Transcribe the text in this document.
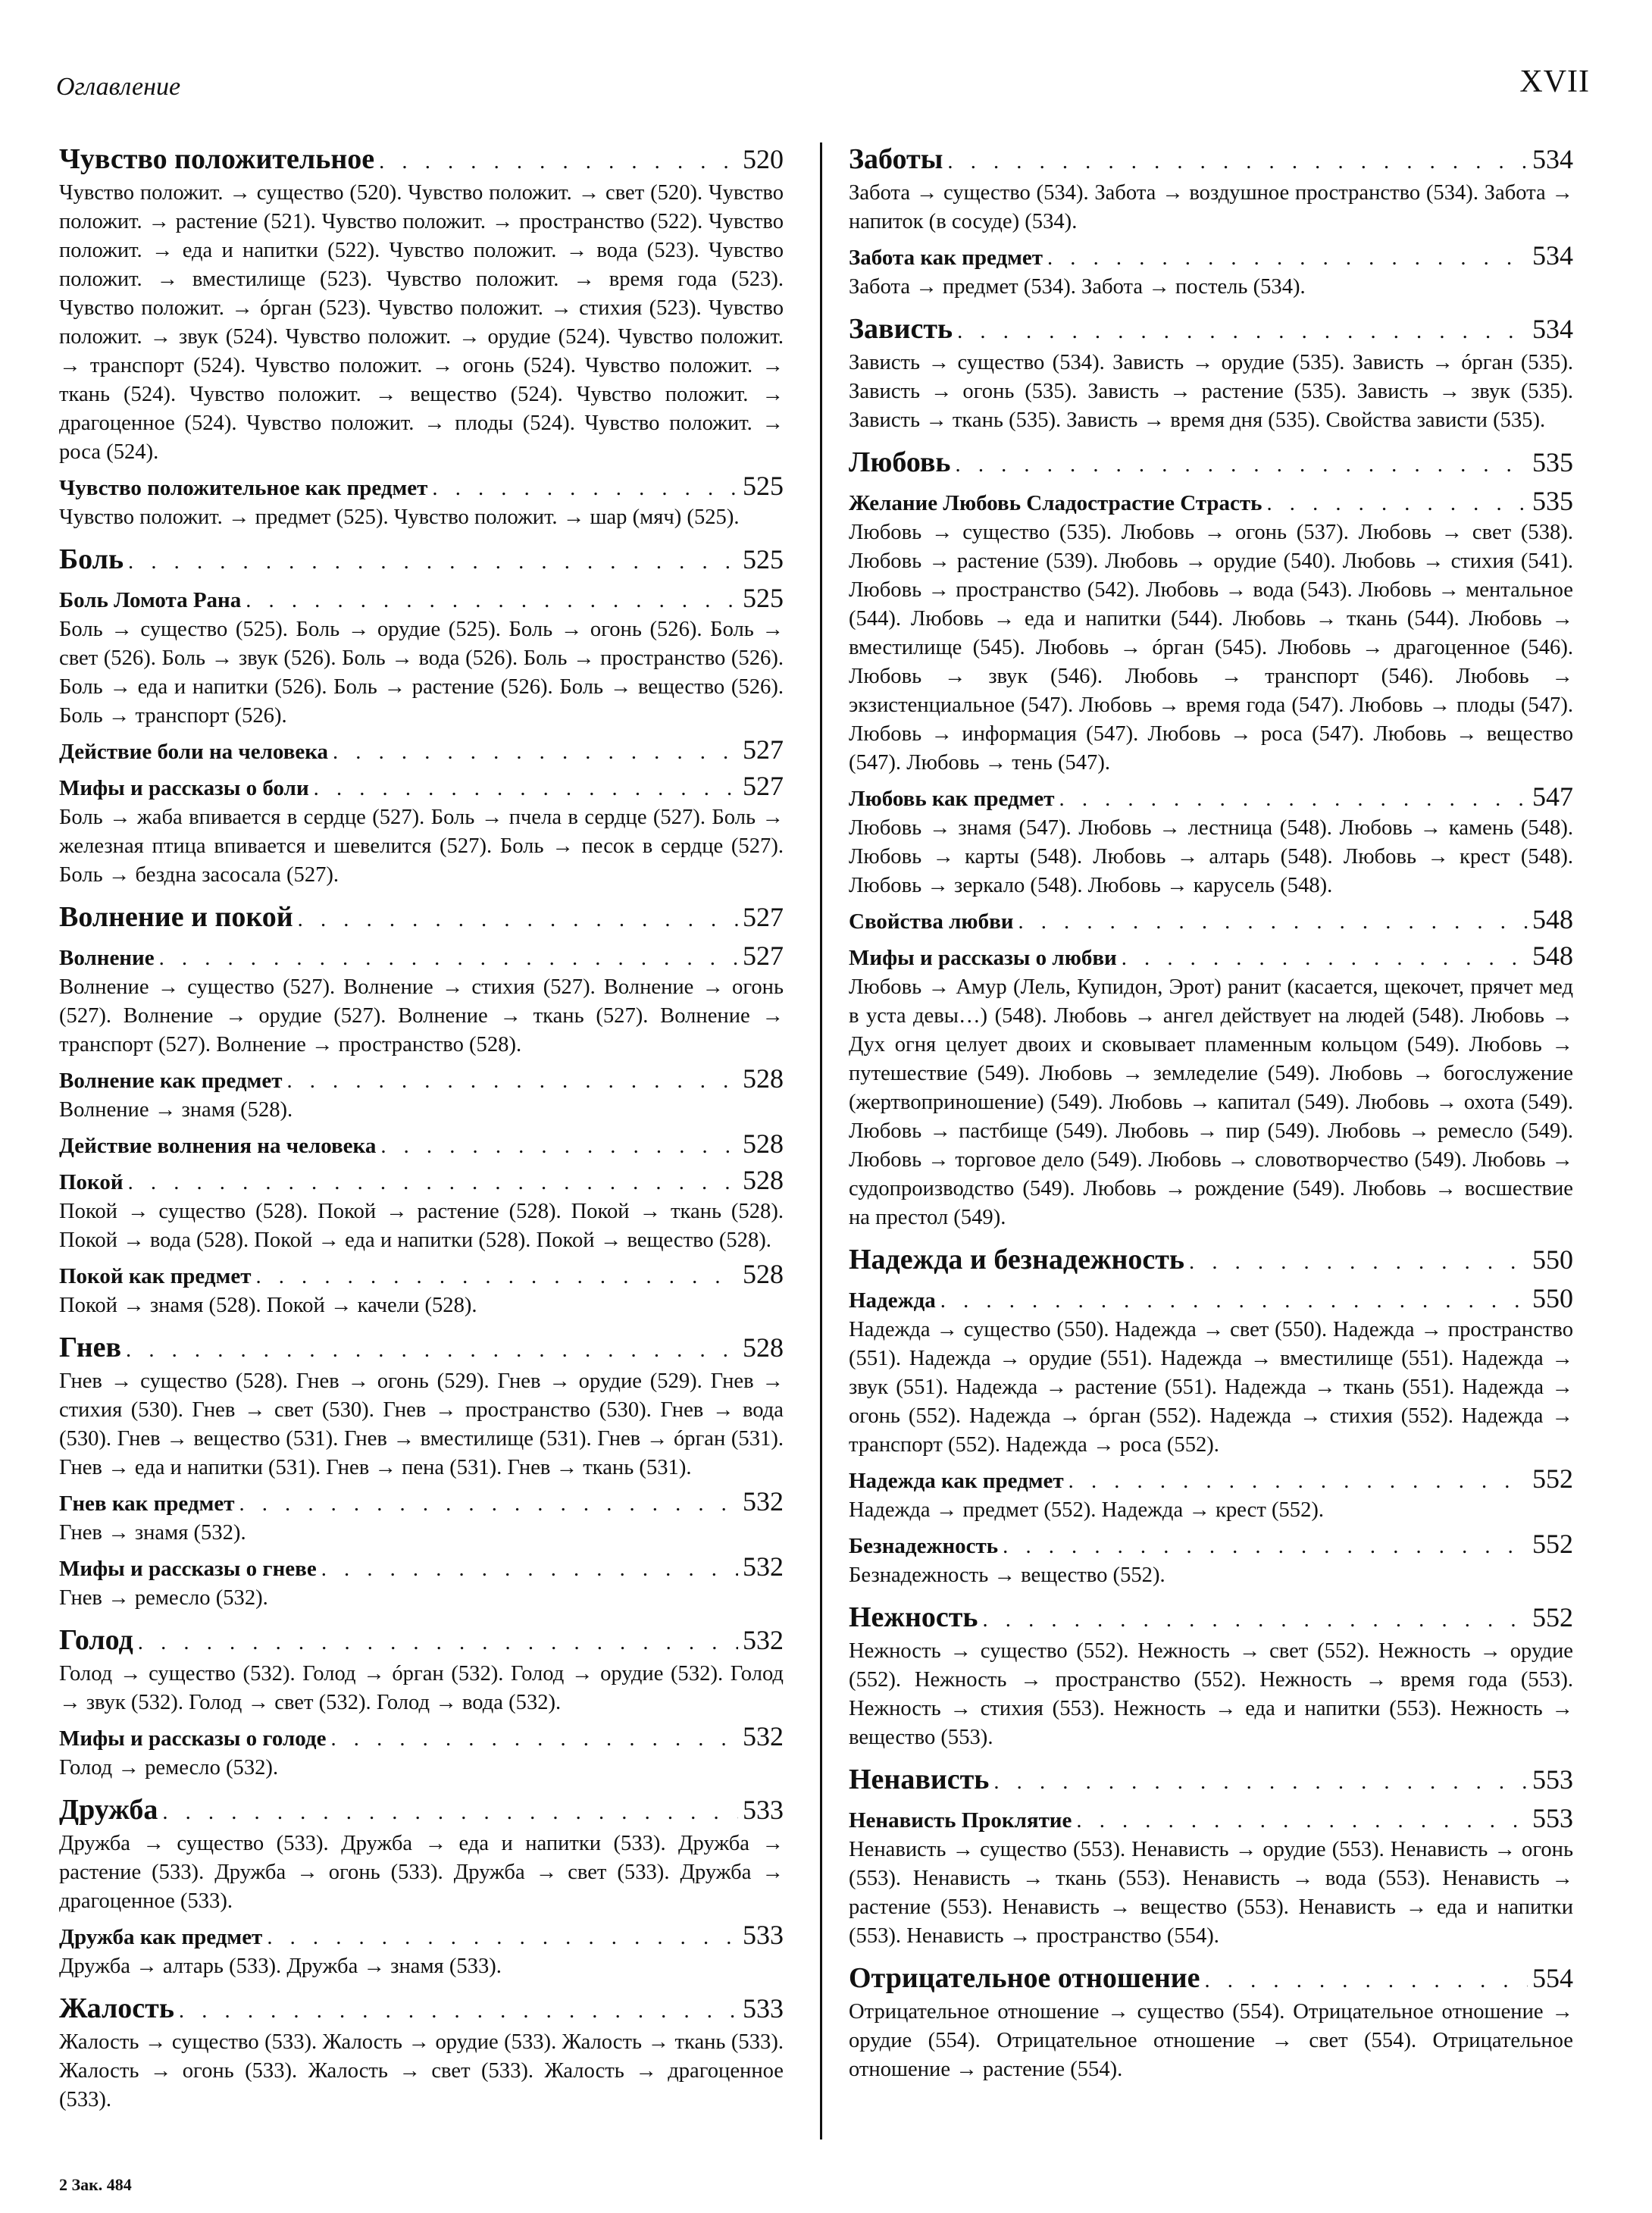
Оглавление	XVII
Чувство положительное . . .	520
Чувство положит. → существо (520). Чувство положит. → свет (520). Чувство положит. → растение (521). Чувство положит. → пространство (522). Чувство положит. → еда и напитки (522). Чувство положит. → вода (523). Чувство положит. → вместилище (523). Чувство положит. → время года (523). Чувство положит. → óрган (523). Чувство положит. → стихия (523). Чувство положит. → звук (524). Чувство положит. → орудие (524). Чувство положит. → транспорт (524). Чувство положит. → огонь (524). Чувство положит. → ткань (524). Чувство положит. → вещество (524). Чувство положит. → драгоценное (524). Чувство положит. → плоды (524). Чувство положит. → роса (524).
Чувство положительное как предмет . . .	525
Чувство положит. → предмет (525). Чувство положит. → шар (мяч) (525).
Боль . . .	525
Боль Ломота Рана . . .	525
Боль → существо (525). Боль → орудие (525). Боль → огонь (526). Боль → свет (526). Боль → звук (526). Боль → вода (526). Боль → пространство (526). Боль → еда и напитки (526). Боль → растение (526). Боль → вещество (526). Боль → транспорт (526).
Действие боли на человека . . .	527
Мифы и рассказы о боли . . .	527
Боль → жаба впивается в сердце (527). Боль → пчела в сердце (527). Боль → железная птица впивается и шевелится (527). Боль → песок в сердце (527). Боль → бездна засосала (527).
Волнение и покой . . .	527
Волнение . . .	527
Волнение → существо (527). Волнение → стихия (527). Волнение → огонь (527). Волнение → орудие (527). Волнение → ткань (527). Волнение → транспорт (527). Волнение → пространство (528).
Волнение как предмет . . .	528
Волнение → знамя (528).
Действие волнения на человека . . .	528
Покой . . .	528
Покой → существо (528). Покой → растение (528). Покой → ткань (528). Покой → вода (528). Покой → еда и напитки (528). Покой → вещество (528).
Покой как предмет . . .	528
Покой → знамя (528). Покой → качели (528).
Гнев . . .	528
Гнев → существо (528). Гнев → огонь (529). Гнев → орудие (529). Гнев → стихия (530). Гнев → свет (530). Гнев → пространство (530). Гнев → вода (530). Гнев → вещество (531). Гнев → вместилище (531). Гнев → óрган (531). Гнев → еда и напитки (531). Гнев → пена (531). Гнев → ткань (531).
Гнев как предмет . . .	532
Гнев → знамя (532).
Мифы и рассказы о гневе . . .	532
Гнев → ремесло (532).
Голод . . .	532
Голод → существо (532). Голод → óрган (532). Голод → орудие (532). Голод → звук (532). Голод → свет (532). Голод → вода (532).
Мифы и рассказы о голоде . . .	532
Голод → ремесло (532).
Дружба . . .	533
Дружба → существо (533). Дружба → еда и напитки (533). Дружба → растение (533). Дружба → огонь (533). Дружба → свет (533). Дружба → драгоценное (533).
Дружба как предмет . . .	533
Дружба → алтарь (533). Дружба → знамя (533).
Жалость . . .	533
Жалость → существо (533). Жалость → орудие (533). Жалость → ткань (533). Жалость → огонь (533). Жалость → свет (533). Жалость → драгоценное (533).
Заботы . . .	534
Забота → существо (534). Забота → воздушное пространство (534). Забота → напиток (в сосуде) (534).
Забота как предмет . . .	534
Забота → предмет (534). Забота → постель (534).
Зависть . . .	534
Зависть → существо (534). Зависть → орудие (535). Зависть → óрган (535). Зависть → огонь (535). Зависть → растение (535). Зависть → звук (535). Зависть → ткань (535). Зависть → время дня (535). Свойства зависти (535).
Любовь . . .	535
Желание Любовь Сладострастие Страсть . . .	535
Любовь → существо (535). Любовь → огонь (537). Любовь → свет (538). Любовь → растение (539). Любовь → орудие (540). Любовь → стихия (541). Любовь → пространство (542). Любовь → вода (543). Любовь → ментальное (544). Любовь → еда и напитки (544). Любовь → ткань (544). Любовь → вместилище (545). Любовь → óрган (545). Любовь → драгоценное (546). Любовь → звук (546). Любовь → транспорт (546). Любовь → экзистенциальное (547). Любовь → время года (547). Любовь → плоды (547). Любовь → информация (547). Любовь → роса (547). Любовь → вещество (547). Любовь → тень (547).
Любовь как предмет . . .	547
Любовь → знамя (547). Любовь → лестница (548). Любовь → камень (548). Любовь → карты (548). Любовь → алтарь (548). Любовь → крест (548). Любовь → зеркало (548). Любовь → карусель (548).
Свойства любви . . .	548
Мифы и рассказы о любви . . .	548
Любовь → Амур (Лель, Купидон, Эрот) ранит (касается, щекочет, прячет мед в уста девы…) (548). Любовь → ангел действует на людей (548). Любовь → Дух огня целует двоих и сковывает пламенным кольцом (549). Любовь → путешествие (549). Любовь → земледелие (549). Любовь → богослужение (жертвоприношение) (549). Любовь → капитал (549). Любовь → охота (549). Любовь → пастбище (549). Любовь → пир (549). Любовь → ремесло (549). Любовь → торговое дело (549). Любовь → словотворчество (549). Любовь → судопроизводство (549). Любовь → рождение (549). Любовь → восшествие на престол (549).
Надежда и безнадежность . . .	550
Надежда . . .	550
Надежда → существо (550). Надежда → свет (550). Надежда → пространство (551). Надежда → орудие (551). Надежда → вместилище (551). Надежда → звук (551). Надежда → растение (551). Надежда → ткань (551). Надежда → огонь (552). Надежда → óрган (552). Надежда → стихия (552). Надежда → транспорт (552). Надежда → роса (552).
Надежда как предмет . . .	552
Надежда → предмет (552). Надежда → крест (552).
Безнадежность . . .	552
Безнадежность → вещество (552).
Нежность . . .	552
Нежность → существо (552). Нежность → свет (552). Нежность → орудие (552). Нежность → пространство (552). Нежность → время года (553). Нежность → стихия (553). Нежность → еда и напитки (553). Нежность → вещество (553).
Ненависть . . .	553
Ненависть Проклятие . . .	553
Ненависть → существо (553). Ненависть → орудие (553). Ненависть → огонь (553). Ненависть → ткань (553). Ненависть → вода (553). Ненависть → растение (553). Ненависть → вещество (553). Ненависть → еда и напитки (553). Ненависть → пространство (554).
Отрицательное отношение . . .	554
Отрицательное отношение → существо (554). Отрицательное отношение → орудие (554). Отрицательное отношение → свет (554). Отрицательное отношение → растение (554).
2 Зак. 484
